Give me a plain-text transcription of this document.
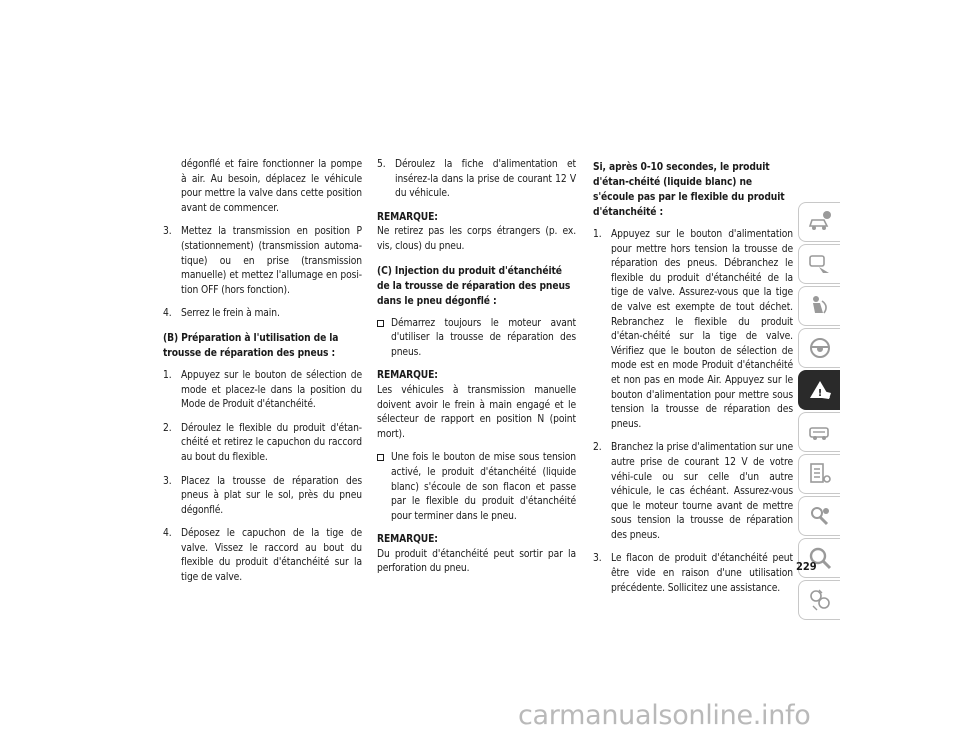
dégonflé et faire fonctionner la pompe à air. Au besoin, déplacez le véhicule pour mettre la valve dans cette position avant de commencer.

3. Mettez la transmission en position P (stationnement) (transmission automa-tique) ou en prise (transmission manuelle) et mettez l'allumage en posi-tion OFF (hors fonction).
4. Serrez le frein à main.
(B) Préparation à l'utilisation de la trousse de réparation des pneus :
1. Appuyez sur le bouton de sélection de mode et placez-le dans la position du Mode de Produit d'étanchéité.
2. Déroulez le flexible du produit d'étan-chéité et retirez le capuchon du raccord au bout du flexible.
3. Placez la trousse de réparation des pneus à plat sur le sol, près du pneu dégonflé.
4. Déposez le capuchon de la tige de valve. Vissez le raccord au bout du flexible du produit d'étanchéité sur la tige de valve.
5. Déroulez la fiche d'alimentation et insérez-la dans la prise de courant 12 V du véhicule.
REMARQUE:

Ne retirez pas les corps étrangers (p. ex. vis, clous) du pneu.

(C) Injection du produit d'étanchéité de la trousse de réparation des pneus dans le pneu dégonflé :
Démarrez toujours le moteur avant d'utiliser la trousse de réparation des pneus.
REMARQUE:

Les véhicules à transmission manuelle doivent avoir le frein à main engagé et le sélecteur de rapport en position N (point mort).

Une fois le bouton de mise sous tension activé, le produit d'étanchéité (liquide blanc) s'écoule de son flacon et passe par le flexible du produit d'étanchéité pour terminer dans le pneu.
REMARQUE:

Du produit d'étanchéité peut sortir par la perforation du pneu.

Si, après 0-10 secondes, le produit d'étan-chéité (liquide blanc) ne s'écoule pas par le flexible du produit d'étanchéité :
1. Appuyez sur le bouton d'alimentation pour mettre hors tension la trousse de réparation des pneus. Débranchez le flexible du produit d'étanchéité de la tige de valve. Assurez-vous que la tige de valve est exempte de tout déchet. Rebranchez le flexible du produit d'étan-chéité sur la tige de valve. Vérifiez que le bouton de sélection de mode est en mode Produit d'étanchéité et non pas en mode Air. Appuyez sur le bouton d'alimentation pour mettre sous tension la trousse de réparation des pneus.
2. Branchez la prise d'alimentation sur une autre prise de courant 12 V de votre véhi-cule ou sur celle d'un autre véhicule, le cas échéant. Assurez-vous que le moteur tourne avant de mettre sous tension la trousse de réparation des pneus.
3. Le flacon de produit d'étanchéité peut être vide en raison d'une utilisation précédente. Sollicitez une assistance.
!
229
carmanualsonline.info
